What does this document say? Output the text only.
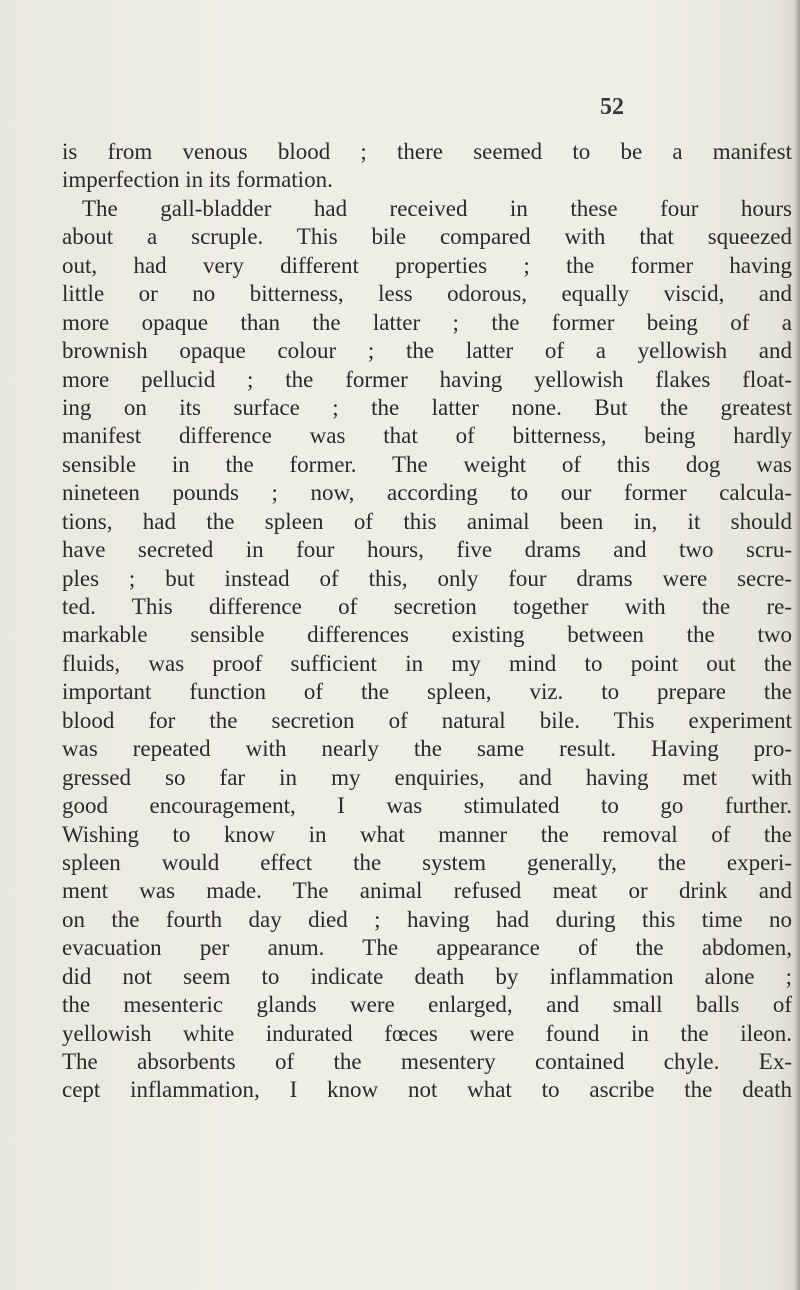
52

is from venous blood ; there seemed to be a manifest
imperfection in its formation.
The gall-bladder had received in these four hours
about a scruple. This bile compared with that squeezed
out, had very different properties ; the former having
little or no bitterness, less odorous, equally viscid, and
more opaque than the latter ; the former being of a
brownish opaque colour ; the latter of a yellowish and
more pellucid ; the former having yellowish flakes float-
ing on its surface ; the latter none. But the greatest
manifest difference was that of bitterness, being hardly
sensible in the former. The weight of this dog was
nineteen pounds ; now, according to our former calcula-
tions, had the spleen of this animal been in, it should
have secreted in four hours, five drams and two scru-
ples ; but instead of this, only four drams were secre-
ted. This difference of secretion together with the re-
markable sensible differences existing between the two
fluids, was proof sufficient in my mind to point out the
important function of the spleen, viz. to prepare the
blood for the secretion of natural bile. This experiment
was repeated with nearly the same result. Having pro-
gressed so far in my enquiries, and having met with
good encouragement, I was stimulated to go further.
Wishing to know in what manner the removal of the
spleen would effect the system generally, the experi-
ment was made. The animal refused meat or drink and
on the fourth day died ; having had during this time no
evacuation per anum. The appearance of the abdomen,
did not seem to indicate death by inflammation alone ;
the mesenteric glands were enlarged, and small balls of
yellowish white indurated fœces were found in the ileon.
The absorbents of the mesentery contained chyle. Ex-
cept inflammation, I know not what to ascribe the death
